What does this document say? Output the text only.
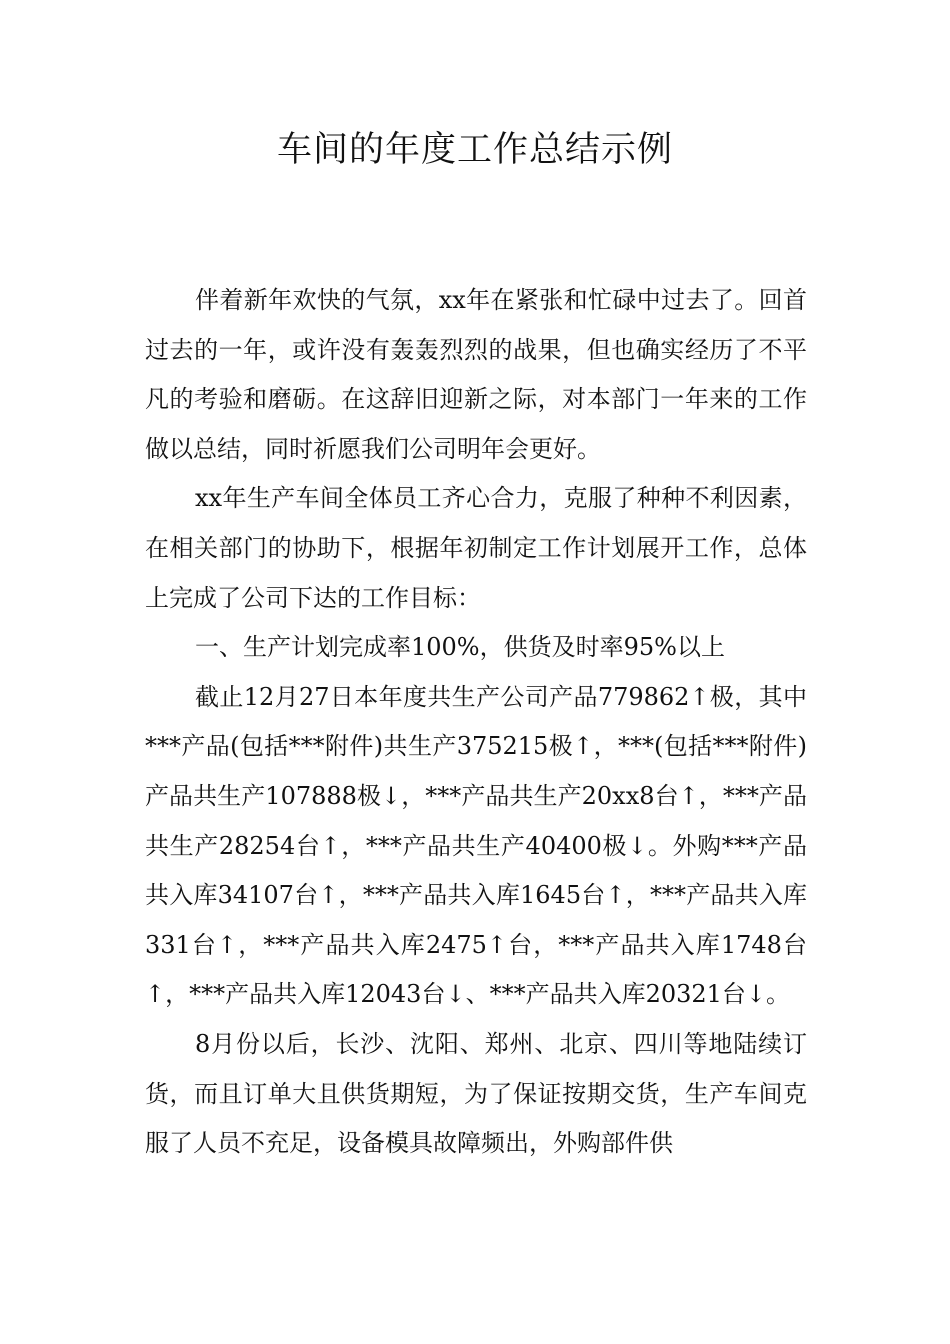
车间的年度工作总结示例

伴着新年欢快的气氛，xx年在紧张和忙碌中过去了。回首过去的一年，或许没有轰轰烈烈的战果，但也确实经历了不平凡的考验和磨砺。在这辞旧迎新之际，对本部门一年来的工作做以总结，同时祈愿我们公司明年会更好。

xx年生产车间全体员工齐心合力，克服了种种不利因素，在相关部门的协助下，根据年初制定工作计划展开工作，总体上完成了公司下达的工作目标：

一、生产计划完成率100%，供货及时率95%以上

截止12月27日本年度共生产公司产品779862↑极，其中***产品(包括***附件)共生产375215极↑，***(包括***附件)产品共生产107888极↓，***产品共生产20xx8台↑，***产品共生产28254台↑，***产品共生产40400极↓。外购***产品共入库34107台↑，***产品共入库1645台↑，***产品共入库331台↑，***产品共入库2475↑台，***产品共入库1748台↑，***产品共入库12043台↓、***产品共入库20321台↓。

8月份以后，长沙、沈阳、郑州、北京、四川等地陆续订货，而且订单大且供货期短，为了保证按期交货，生产车间克服了人员不充足，设备模具故障频出，外购部件供
